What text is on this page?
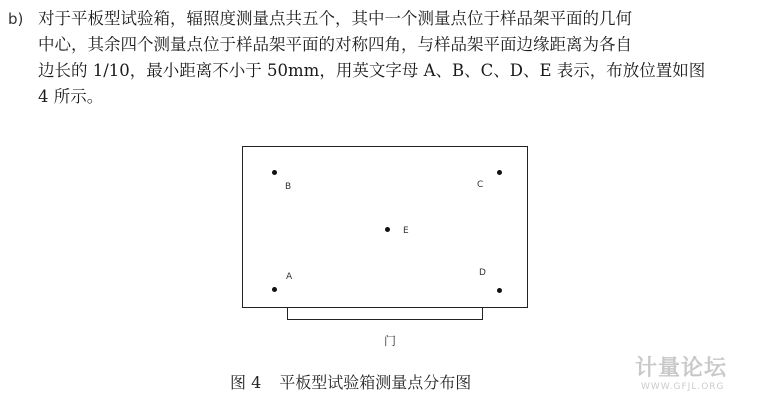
b) 对于平板型试验箱，辐照度测量点共五个，其中一个测量点位于样品架平面的几何
中心，其余四个测量点位于样品架平面的对称四角，与样品架平面边缘距离为各自
边长的 1/10，最小距离不小于 50mm，用英文字母 A、B、C、D、E 表示，布放位置如图
4 所示。
B	C
E
A	D
门
图 4 平板型试验箱测量点分布图
计量论坛
WWW.GFJL.ORG
